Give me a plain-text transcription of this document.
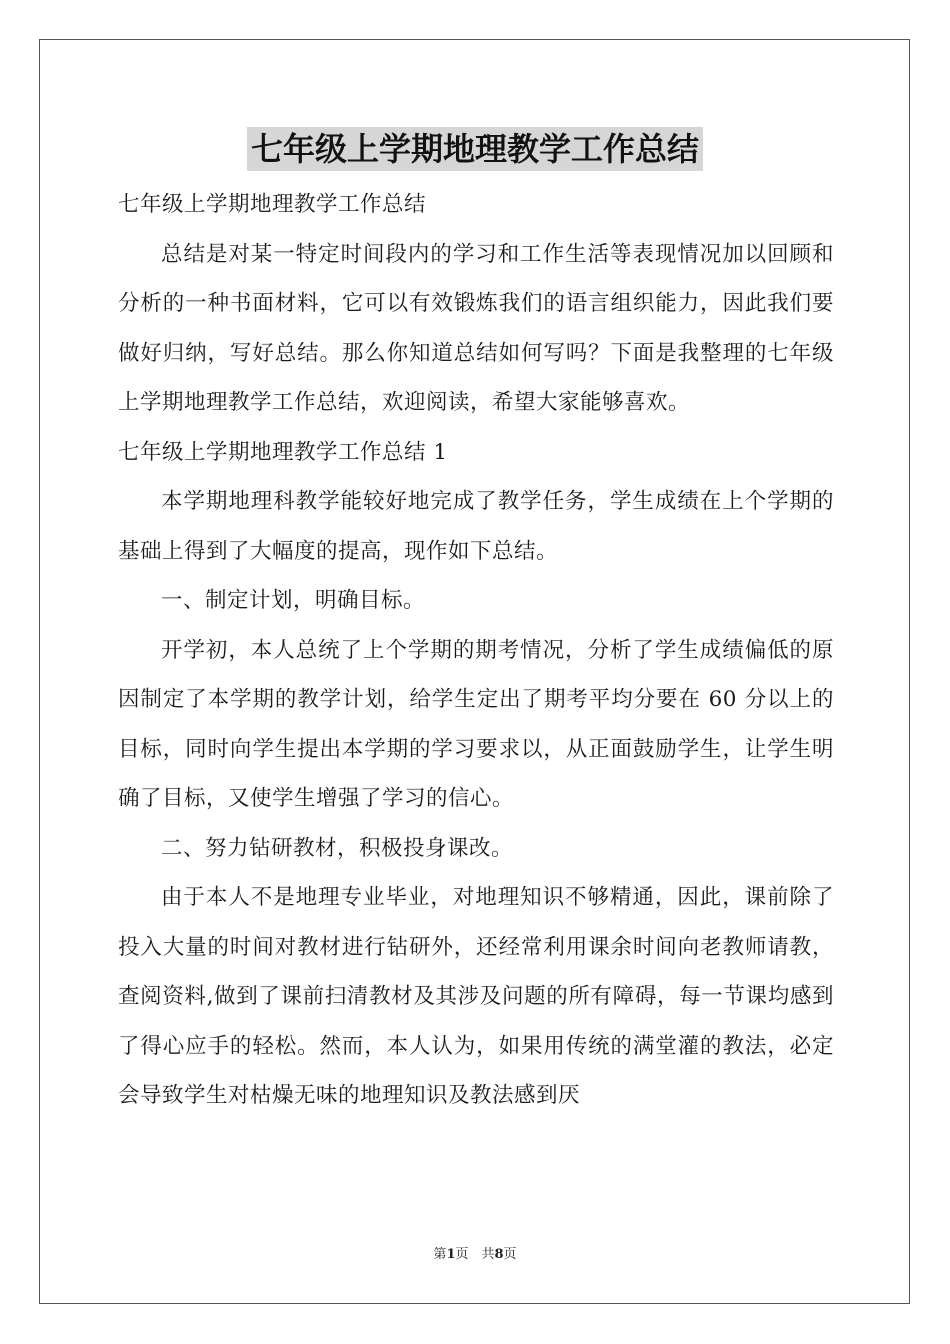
七年级上学期地理教学工作总结

七年级上学期地理教学工作总结

总结是对某一特定时间段内的学习和工作生活等表现情况加以回顾和分析的一种书面材料，它可以有效锻炼我们的语言组织能力，因此我们要做好归纳，写好总结。那么你知道总结如何写吗？下面是我整理的七年级上学期地理教学工作总结，欢迎阅读，希望大家能够喜欢。

七年级上学期地理教学工作总结 1

本学期地理科教学能较好地完成了教学任务，学生成绩在上个学期的基础上得到了大幅度的提高，现作如下总结。

一、制定计划，明确目标。

开学初，本人总统了上个学期的期考情况，分析了学生成绩偏低的原因制定了本学期的教学计划，给学生定出了期考平均分要在 60 分以上的目标，同时向学生提出本学期的学习要求以，从正面鼓励学生，让学生明确了目标，又使学生增强了学习的信心。

二、努力钻研教材，积极投身课改。

由于本人不是地理专业毕业，对地理知识不够精通，因此，课前除了投入大量的时间对教材进行钻研外，还经常利用课余时间向老教师请教，查阅资料,做到了课前扫清教材及其涉及问题的所有障碍，每一节课均感到了得心应手的轻松。然而，本人认为，如果用传统的满堂灌的教法，必定会导致学生对枯燥无味的地理知识及教法感到厌

第1页　共8页
